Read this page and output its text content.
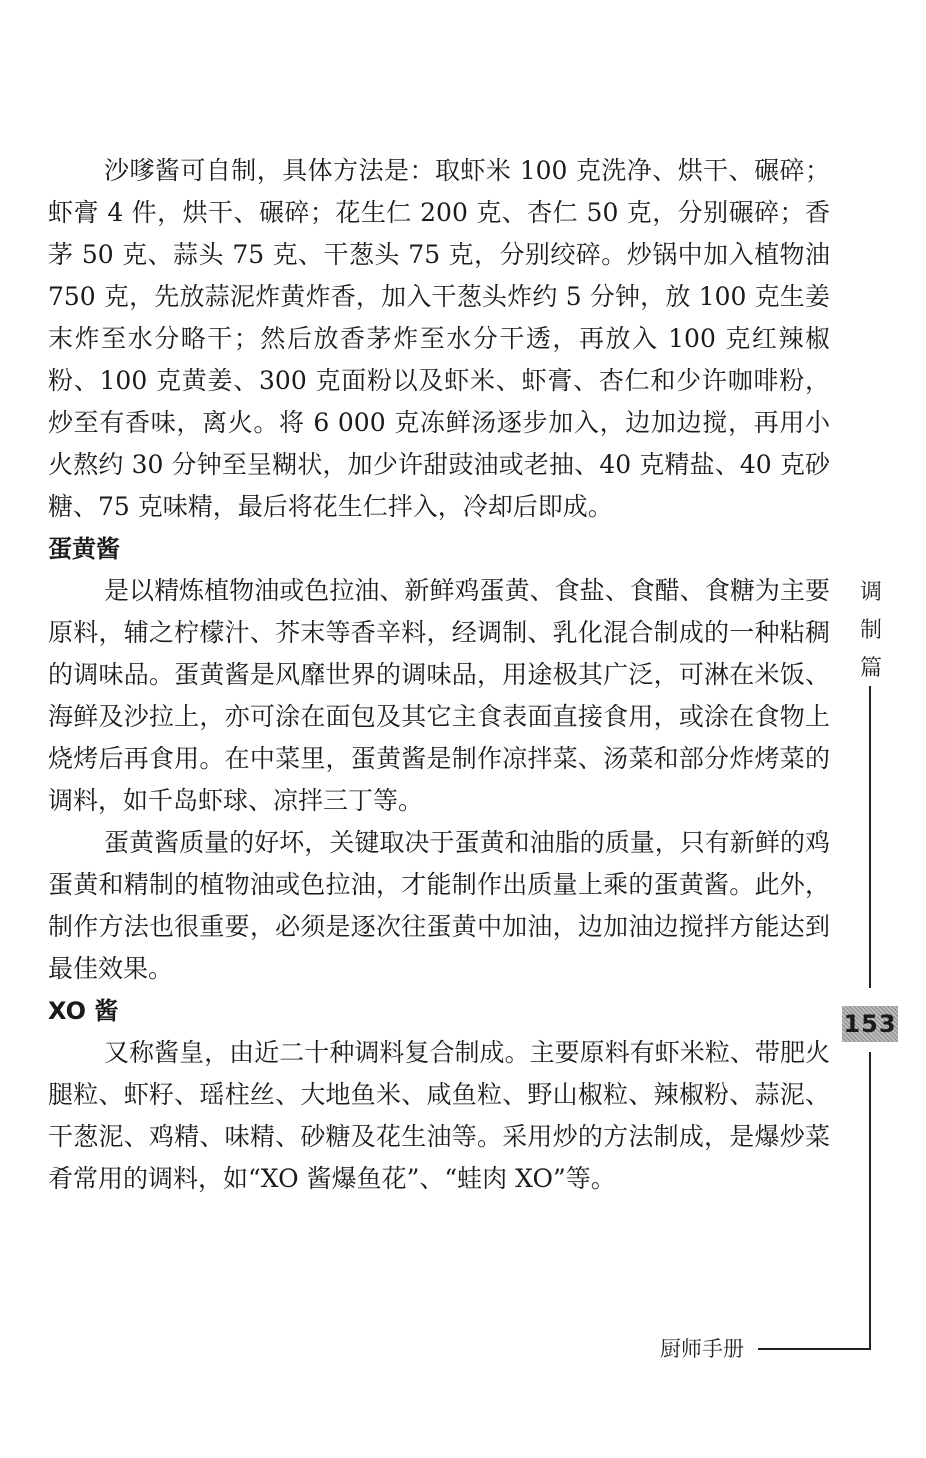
沙嗲酱可自制，具体方法是：取虾米 100 克洗净、烘干、碾碎；虾膏 4 件，烘干、碾碎；花生仁 200 克、杏仁 50 克，分别碾碎；香茅 50 克、蒜头 75 克、干葱头 75 克，分别绞碎。炒锅中加入植物油 750 克，先放蒜泥炸黄炸香，加入干葱头炸约 5 分钟，放 100 克生姜末炸至水分略干；然后放香茅炸至水分干透，再放入 100 克红辣椒粉、100 克黄姜、300 克面粉以及虾米、虾膏、杏仁和少许咖啡粉，炒至有香味，离火。将 6 000 克冻鲜汤逐步加入，边加边搅，再用小火熬约 30 分钟至呈糊状，加少许甜豉油或老抽、40 克精盐、40 克砂糖、75 克味精，最后将花生仁拌入，冷却后即成。

蛋黄酱

是以精炼植物油或色拉油、新鲜鸡蛋黄、食盐、食醋、食糖为主要原料，辅之柠檬汁、芥末等香辛料，经调制、乳化混合制成的一种粘稠的调味品。蛋黄酱是风靡世界的调味品，用途极其广泛，可淋在米饭、海鲜及沙拉上，亦可涂在面包及其它主食表面直接食用，或涂在食物上烧烤后再食用。在中菜里，蛋黄酱是制作凉拌菜、汤菜和部分炸烤菜的调料，如千岛虾球、凉拌三丁等。

蛋黄酱质量的好坏，关键取决于蛋黄和油脂的质量，只有新鲜的鸡蛋黄和精制的植物油或色拉油，才能制作出质量上乘的蛋黄酱。此外，制作方法也很重要，必须是逐次往蛋黄中加油，边加油边搅拌方能达到最佳效果。

XO 酱

又称酱皇，由近二十种调料复合制成。主要原料有虾米粒、带肥火腿粒、虾籽、瑶柱丝、大地鱼米、咸鱼粒、野山椒粒、辣椒粉、蒜泥、干葱泥、鸡精、味精、砂糖及花生油等。采用炒的方法制成，是爆炒菜肴常用的调料，如“XO 酱爆鱼花”、“蛙肉 XO”等。

调
制
篇
153
厨师手册
